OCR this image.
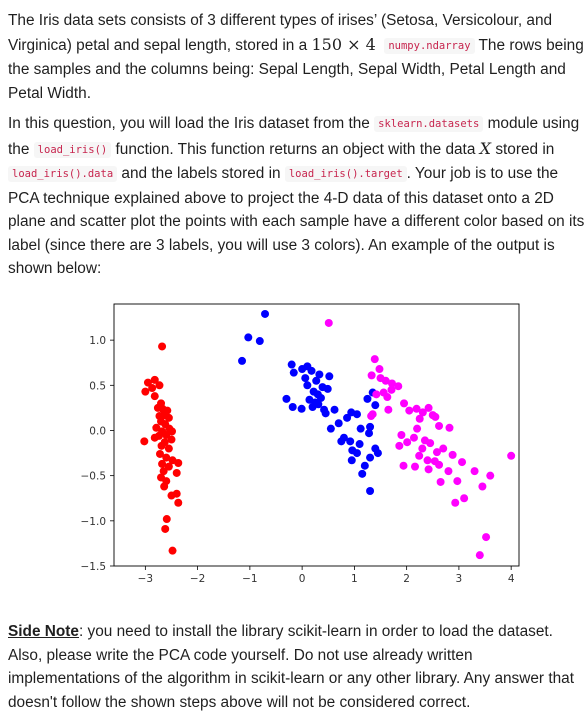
The Iris data sets consists of 3 different types of irises’ (Setosa, Versicolour, and Virginica) petal and sepal length, stored in a 150 × 4 numpy.ndarray The rows being the samples and the columns being: Sepal Length, Sepal Width, Petal Length and Petal Width.

In this question, you will load the Iris dataset from the sklearn.datasets module using the load_iris() function. This function returns an object with the data X stored in load_iris().data and the labels stored in load_iris().target . Your job is to use the PCA technique explained above to project the 4-D data of this dataset onto a 2D plane and scatter plot the points with each sample have a different color based on its label (since there are 3 labels, you will use 3 colors). An example of the output is shown below:

−3	−2	−1	0	1	2	3	4
−1.5
−1.0
−0.5
0.0
0.5
1.0

Side Note: you need to install the library scikit-learn in order to load the dataset. Also, please write the PCA code yourself. Do not use already written implementations of the algorithm in scikit-learn or any other library. Any answer that doesn't follow the shown steps above will not be considered correct.
